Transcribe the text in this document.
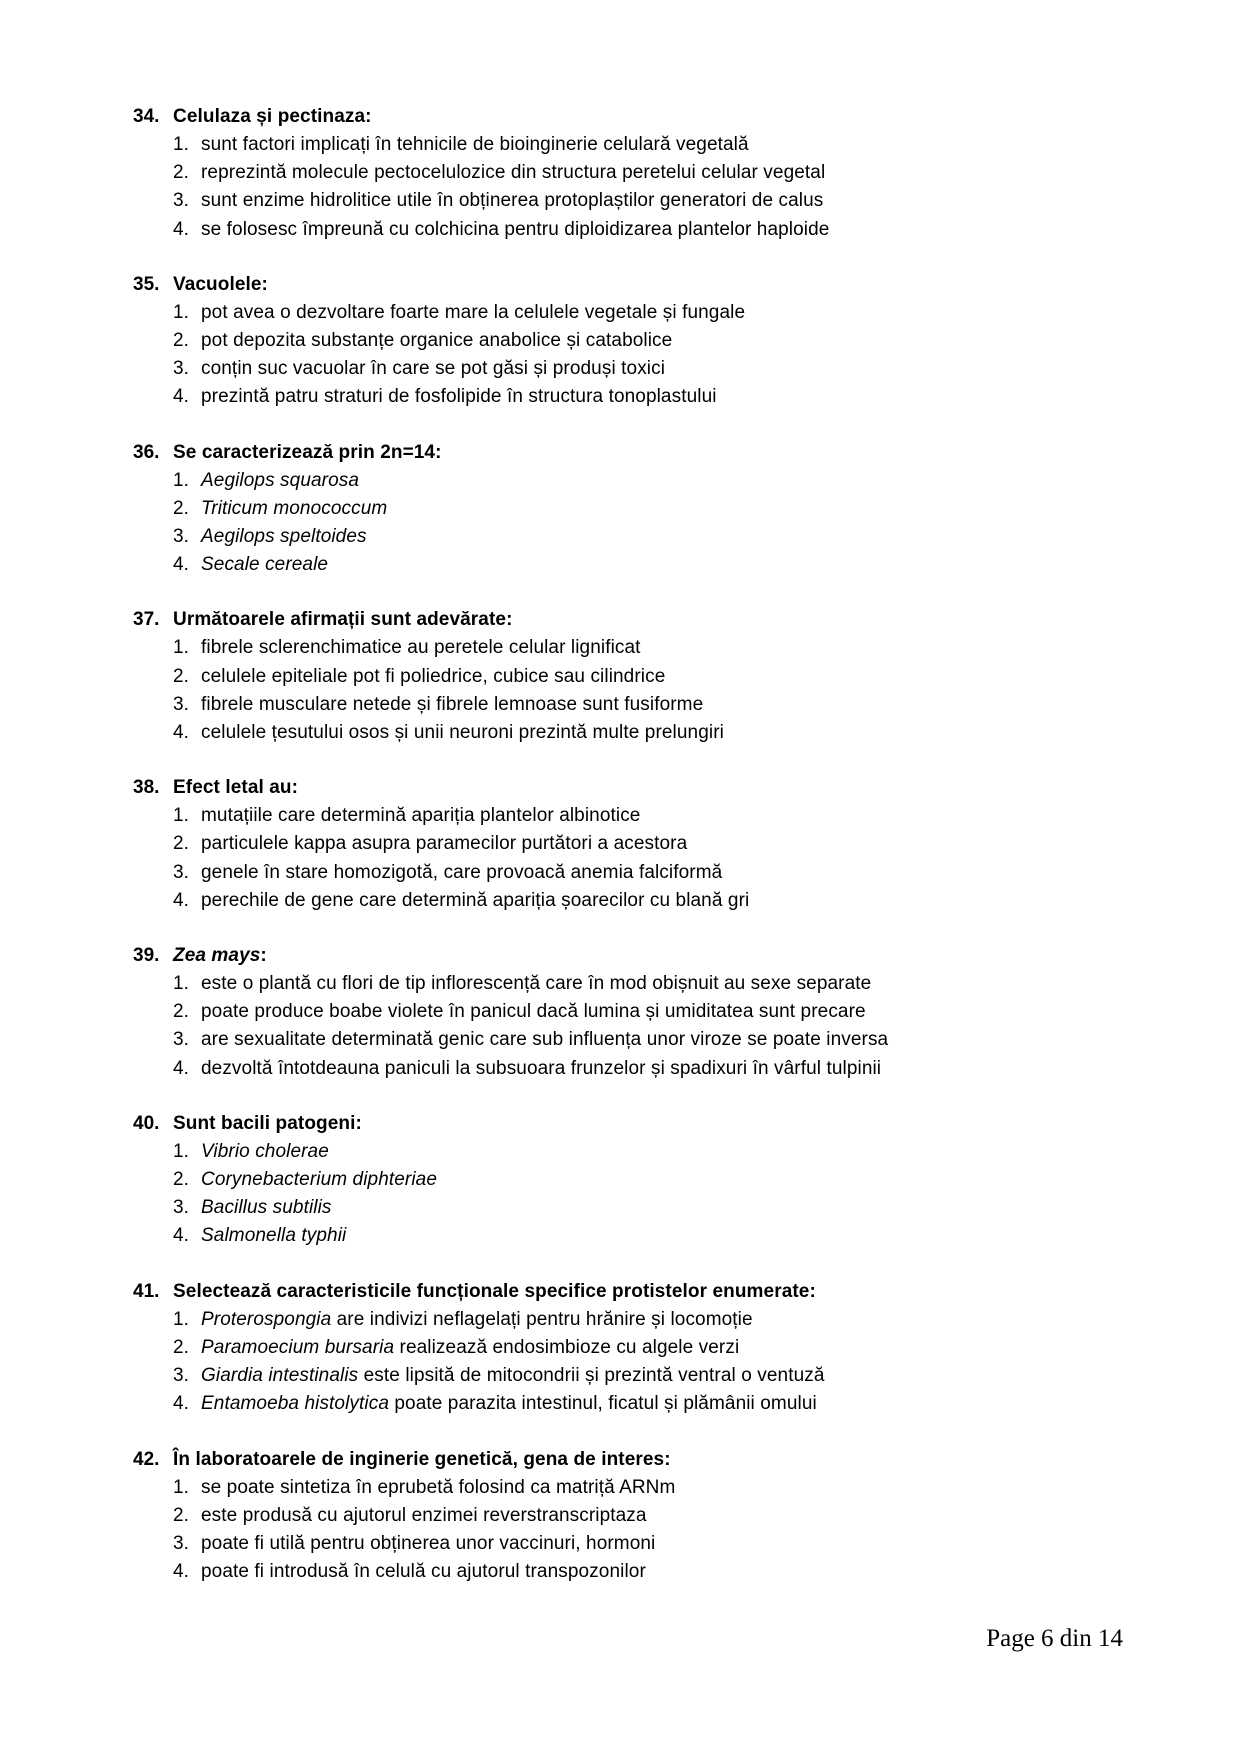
34. Celulaza și pectinaza:
1. sunt factori implicați în tehnicile de bioinginerie celulară vegetală
2. reprezintă molecule pectocelulozice din structura peretelui celular vegetal
3. sunt enzime hidrolitice utile în obținerea protoplaștilor generatori de calus
4. se folosesc împreună cu colchicina pentru diploidizarea plantelor haploide
35. Vacuolele:
1. pot avea o dezvoltare foarte mare la celulele vegetale și fungale
2. pot depozita substanțe organice anabolice și catabolice
3. conțin suc vacuolar în care se pot găsi și produși toxici
4. prezintă patru straturi de fosfolipide în structura tonoplastului
36. Se caracterizează prin 2n=14:
1. Aegilops squarosa
2. Triticum monococcum
3. Aegilops speltoides
4. Secale cereale
37. Următoarele afirmații sunt adevărate:
1. fibrele sclerenchimatice au peretele celular lignificat
2. celulele epiteliale pot fi poliedrice, cubice sau cilindrice
3. fibrele musculare netede și fibrele lemnoase sunt fusiforme
4. celulele țesutului osos și unii neuroni prezintă multe prelungiri
38. Efect letal au:
1. mutațiile care determină apariția plantelor albinotice
2. particulele kappa asupra paramecilor purtători a acestora
3. genele în stare homozigotă, care provoacă anemia falciformă
4. perechile de gene care determină apariția șoarecilor cu blană gri
39. Zea mays:
1. este o plantă cu flori de tip inflorescență care în mod obișnuit au sexe separate
2. poate produce boabe violete în panicul dacă lumina și umiditatea sunt precare
3. are sexualitate determinată genic care sub influența unor viroze se poate inversa
4. dezvoltă întotdeauna paniculi la subsuoara frunzelor și spadixuri în vârful tulpinii
40. Sunt bacili patogeni:
1. Vibrio cholerae
2. Corynebacterium diphteriae
3. Bacillus subtilis
4. Salmonella typhii
41. Selectează caracteristicile funcționale specifice protistelor enumerate:
1. Proterospongia are indivizi neflagelați pentru hrănire și locomoție
2. Paramoecium bursaria realizează endosimbioze cu algele verzi
3. Giardia intestinalis este lipsită de mitocondrii și prezintă ventral o ventuză
4. Entamoeba histolytica poate parazita intestinul, ficatul și plămânii omului
42. În laboratoarele de inginerie genetică, gena de interes:
1. se poate sintetiza în eprubetă folosind ca matriță ARNm
2. este produsă cu ajutorul enzimei reverstranscriptaza
3. poate fi utilă pentru obținerea unor vaccinuri, hormoni
4. poate fi introdusă în celulă cu ajutorul transpozonilor
Page 6 din 14
